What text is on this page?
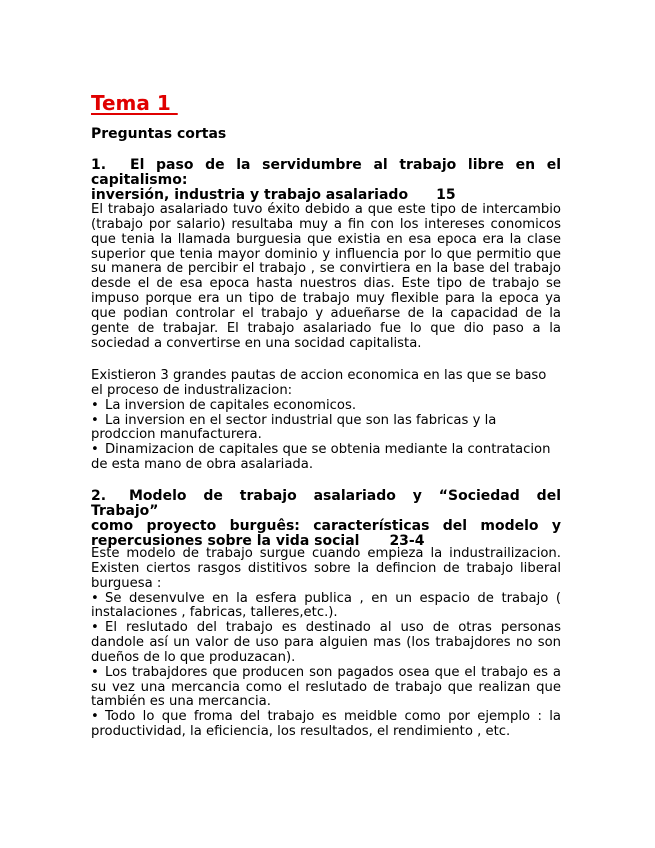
Tema 1
Preguntas cortas
1. El paso de la servidumbre al trabajo libre en el capitalismo:
inversión, industria y trabajo asalariado 15

El trabajo asalariado tuvo éxito debido a que este tipo de intercambio (trabajo por salario) resultaba muy a fin con los intereses conomicos que tenia la llamada burguesia que existia en esa epoca era la clase superior que tenia mayor dominio y influencia por lo que permitio que su manera de percibir el trabajo , se convirtiera en la base del trabajo desde el de esa epoca hasta nuestros dias. Este tipo de trabajo se impuso porque era un tipo de trabajo muy flexible para la epoca ya que podian controlar el trabajo y adueñarse de la capacidad de la gente de trabajar. El trabajo asalariado fue lo que dio paso a la sociedad a convertirse en una socidad capitalista.

Existieron 3 grandes pautas de accion economica en las que se baso el proceso de industralizacion:
• La inversion de capitales economicos.
• La inversion en el sector industrial que son las fabricas y la prodccion manufacturera.
• Dinamizacion de capitales que se obtenia mediante la contratacion de esta mano de obra asalariada.
2. Modelo de trabajo asalariado y “Sociedad del Trabajo”
como proyecto burguês: características del modelo y
repercusiones sobre la vida social 23-4
Este modelo de trabajo surgue cuando empieza la industrailizacion. Existen ciertos rasgos distitivos sobre la defincion de trabajo liberal burguesa :
• Se desenvulve en la esfera publica , en un espacio de trabajo ( instalaciones , fabricas, talleres,etc.).
• El reslutado del trabajo es destinado al uso de otras personas dandole así un valor de uso para alguien mas (los trabajdores no son dueños de lo que produzacan).
• Los trabajdores que producen son pagados osea que el trabajo es a su vez una mercancia como el reslutado de trabajo que realizan que también es una mercancia.
• Todo lo que froma del trabajo es meidble como por ejemplo : la productividad, la eficiencia, los resultados, el rendimiento , etc.
